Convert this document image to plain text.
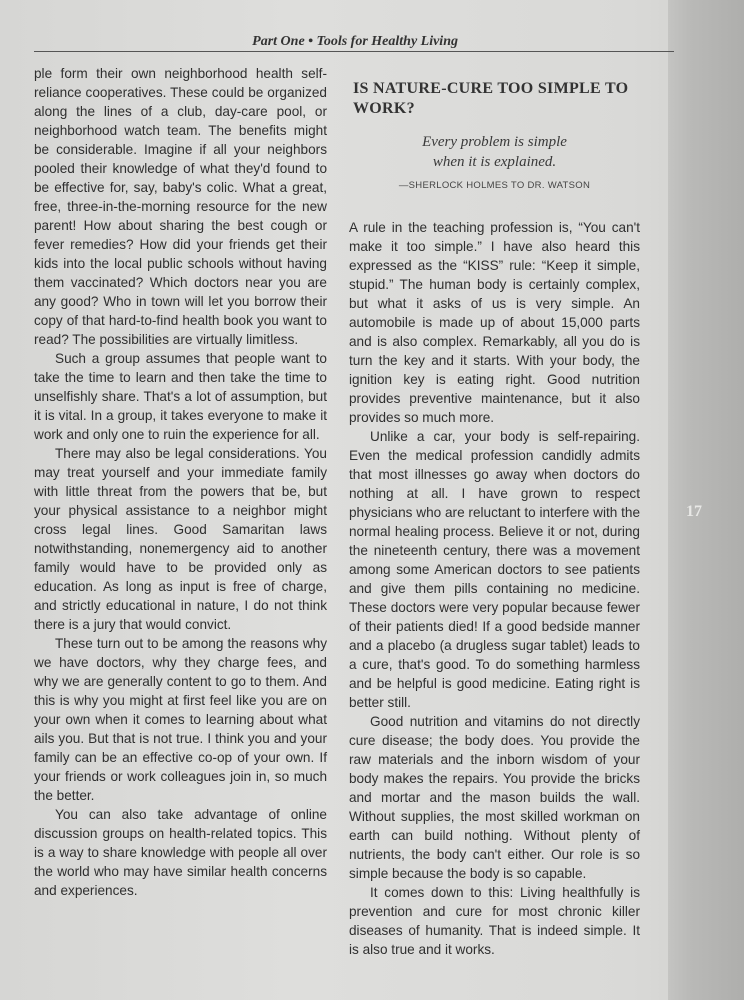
Part One • Tools for Healthy Living

ple form their own neighborhood health self-reliance cooperatives. These could be organized along the lines of a club, day-care pool, or neighborhood watch team. The benefits might be considerable. Imagine if all your neighbors pooled their knowledge of what they'd found to be effective for, say, baby's colic. What a great, free, three-in-the-morning resource for the new parent! How about sharing the best cough or fever remedies? How did your friends get their kids into the local public schools without having them vaccinated? Which doctors near you are any good? Who in town will let you borrow their copy of that hard-to-find health book you want to read? The possibilities are virtually limitless.

Such a group assumes that people want to take the time to learn and then take the time to unselfishly share. That's a lot of assumption, but it is vital. In a group, it takes everyone to make it work and only one to ruin the experience for all.

There may also be legal considerations. You may treat yourself and your immediate family with little threat from the powers that be, but your physical assistance to a neighbor might cross legal lines. Good Samaritan laws notwithstanding, nonemergency aid to another family would have to be provided only as education. As long as input is free of charge, and strictly educational in nature, I do not think there is a jury that would convict.

These turn out to be among the reasons why we have doctors, why they charge fees, and why we are generally content to go to them. And this is why you might at first feel like you are on your own when it comes to learning about what ails you. But that is not true. I think you and your family can be an effective co-op of your own. If your friends or work colleagues join in, so much the better.

You can also take advantage of online discussion groups on health-related topics. This is a way to share knowledge with people all over the world who may have similar health concerns and experiences.

IS NATURE-CURE TOO SIMPLE TO WORK?
Every problem is simple
when it is explained.
—SHERLOCK HOLMES TO DR. WATSON

A rule in the teaching profession is, “You can't make it too simple.” I have also heard this expressed as the “KISS” rule: “Keep it simple, stupid.” The human body is certainly complex, but what it asks of us is very simple. An automobile is made up of about 15,000 parts and is also complex. Remarkably, all you do is turn the key and it starts. With your body, the ignition key is eating right. Good nutrition provides preventive maintenance, but it also provides so much more.

Unlike a car, your body is self-repairing. Even the medical profession candidly admits that most illnesses go away when doctors do nothing at all. I have grown to respect physicians who are reluctant to interfere with the normal healing process. Believe it or not, during the nineteenth century, there was a movement among some American doctors to see patients and give them pills containing no medicine. These doctors were very popular because fewer of their patients died! If a good bedside manner and a placebo (a drugless sugar tablet) leads to a cure, that's good. To do something harmless and be helpful is good medicine. Eating right is better still.

Good nutrition and vitamins do not directly cure disease; the body does. You provide the raw materials and the inborn wisdom of your body makes the repairs. You provide the bricks and mortar and the mason builds the wall. Without supplies, the most skilled workman on earth can build nothing. Without plenty of nutrients, the body can't either. Our role is so simple because the body is so capable.

It comes down to this: Living healthfully is prevention and cure for most chronic killer diseases of humanity. That is indeed simple. It is also true and it works.

17
